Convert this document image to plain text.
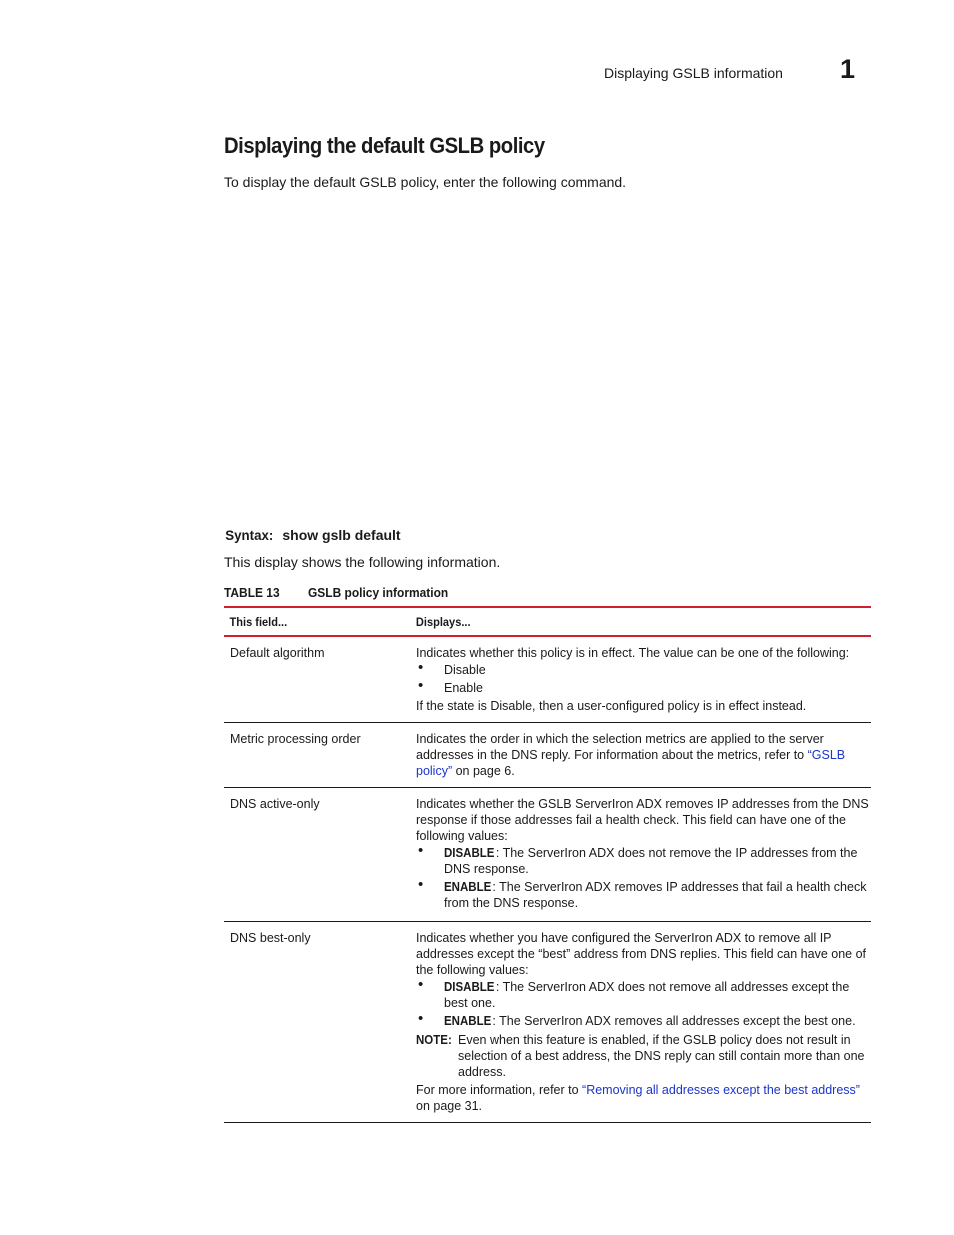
Displaying GSLB information 1
Displaying the default GSLB policy
To display the default GSLB policy, enter the following command.
Syntax: show gslb default
This display shows the following information.
TABLE 13 GSLB policy information
This field...	Displays...
Default algorithm	Indicates whether this policy is in effect. The value can be one of the following:
• Disable
• Enable
If the state is Disable, then a user-configured policy is in effect instead.
Metric processing order	Indicates the order in which the selection metrics are applied to the server addresses in the DNS reply. For information about the metrics, refer to “GSLB policy” on page 6.
DNS active-only	Indicates whether the GSLB ServerIron ADX removes IP addresses from the DNS response if those addresses fail a health check. This field can have one of the following values:
• DISABLE: The ServerIron ADX does not remove the IP addresses from the DNS response.
• ENABLE: The ServerIron ADX removes IP addresses that fail a health check from the DNS response.
DNS best-only	Indicates whether you have configured the ServerIron ADX to remove all IP addresses except the “best” address from DNS replies. This field can have one of the following values:
• DISABLE: The ServerIron ADX does not remove all addresses except the best one.
• ENABLE: The ServerIron ADX removes all addresses except the best one.
NOTE: Even when this feature is enabled, if the GSLB policy does not result in selection of a best address, the DNS reply can still contain more than one address.
For more information, refer to “Removing all addresses except the best address” on page 31.
